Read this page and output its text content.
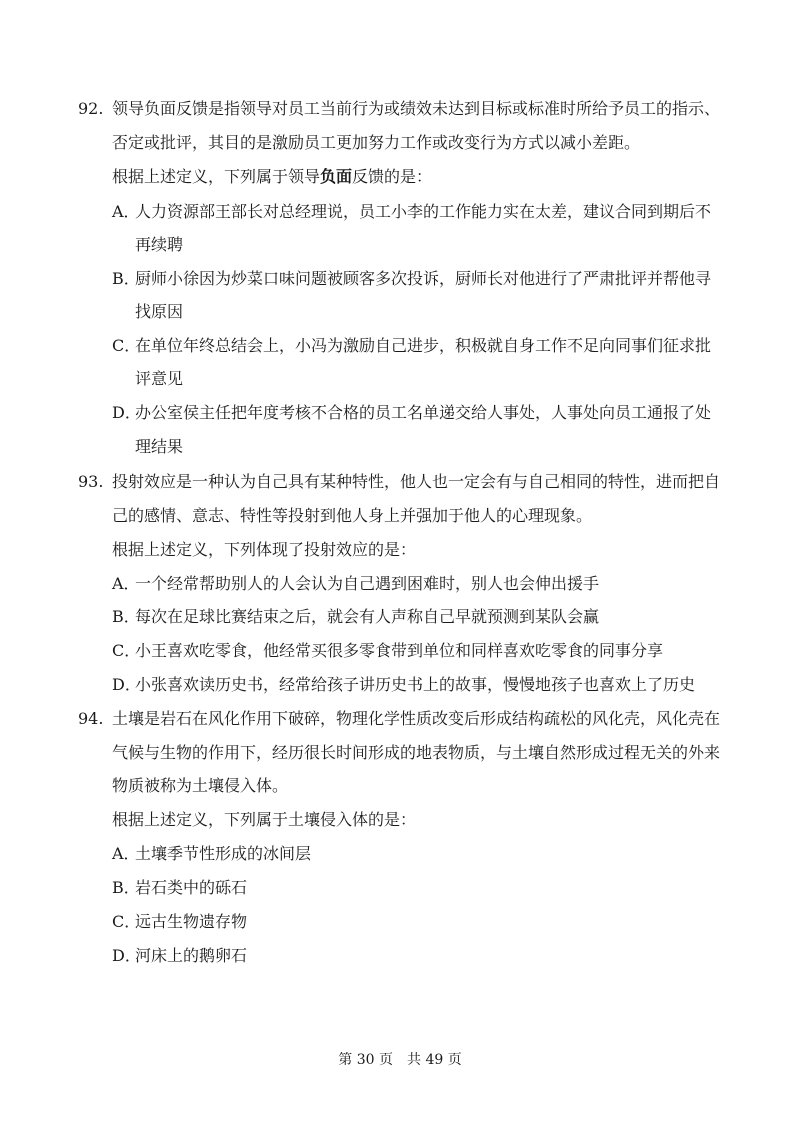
92. 领导负面反馈是指领导对员工当前行为或绩效未达到目标或标准时所给予员工的指示、
否定或批评，其目的是激励员工更加努力工作或改变行为方式以减小差距。
根据上述定义，下列属于领导负面反馈的是：
A．人力资源部王部长对总经理说，员工小李的工作能力实在太差，建议合同到期后不
再续聘
B．厨师小徐因为炒菜口味问题被顾客多次投诉，厨师长对他进行了严肃批评并帮他寻
找原因
C．在单位年终总结会上，小冯为激励自己进步，积极就自身工作不足向同事们征求批
评意见
D．办公室侯主任把年度考核不合格的员工名单递交给人事处，人事处向员工通报了处
理结果
93. 投射效应是一种认为自己具有某种特性，他人也一定会有与自己相同的特性，进而把自
己的感情、意志、特性等投射到他人身上并强加于他人的心理现象。
根据上述定义，下列体现了投射效应的是：
A．一个经常帮助别人的人会认为自己遇到困难时，别人也会伸出援手
B．每次在足球比赛结束之后，就会有人声称自己早就预测到某队会赢
C．小王喜欢吃零食，他经常买很多零食带到单位和同样喜欢吃零食的同事分享
D．小张喜欢读历史书，经常给孩子讲历史书上的故事，慢慢地孩子也喜欢上了历史
94. 土壤是岩石在风化作用下破碎，物理化学性质改变后形成结构疏松的风化壳，风化壳在
气候与生物的作用下，经历很长时间形成的地表物质，与土壤自然形成过程无关的外来
物质被称为土壤侵入体。
根据上述定义，下列属于土壤侵入体的是：
A．土壤季节性形成的冰间层
B．岩石类中的砾石
C．远古生物遗存物
D．河床上的鹅卵石
第 30 页　共 49 页
